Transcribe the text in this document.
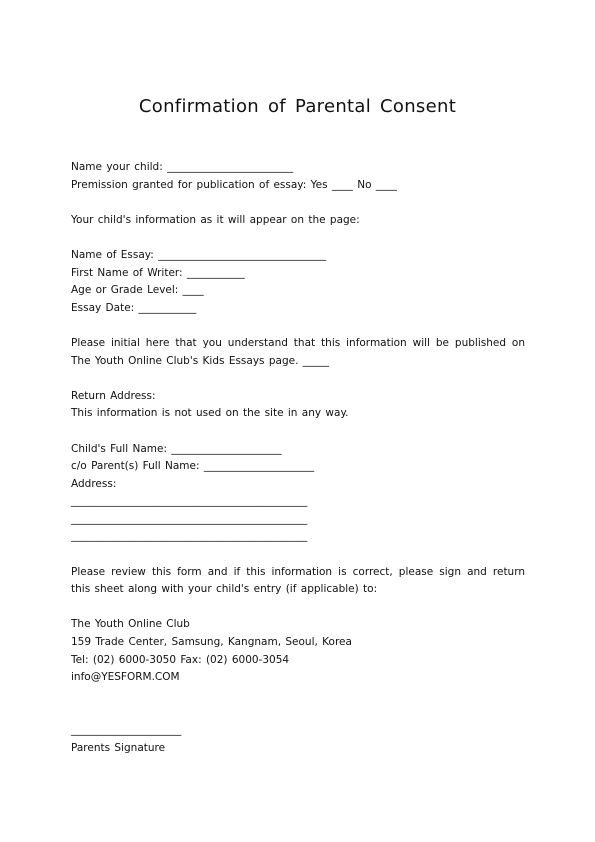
Confirmation of Parental Consent
Name your child: ________________________
Premission granted for publication of essay: Yes ____ No ____
Your child's information as it will appear on the page:
Name of Essay: ________________________________
First Name of Writer: ___________
Age or Grade Level: ____
Essay Date: ___________
Please initial here that you understand that this information will be published on
The Youth Online Club's Kids Essays page. _____
Return Address:
This information is not used on the site in any way.
Child's Full Name: _____________________
c/o Parent(s) Full Name: _____________________
Address:
_____________________________________________
_____________________________________________
_____________________________________________
Please review this form and if this information is correct, please sign and return
this sheet along with your child's entry (if applicable) to:
The Youth Online Club
159 Trade Center, Samsung, Kangnam, Seoul, Korea
Tel: (02) 6000-3050 Fax: (02) 6000-3054
info@YESFORM.COM
_____________________
Parents Signature
